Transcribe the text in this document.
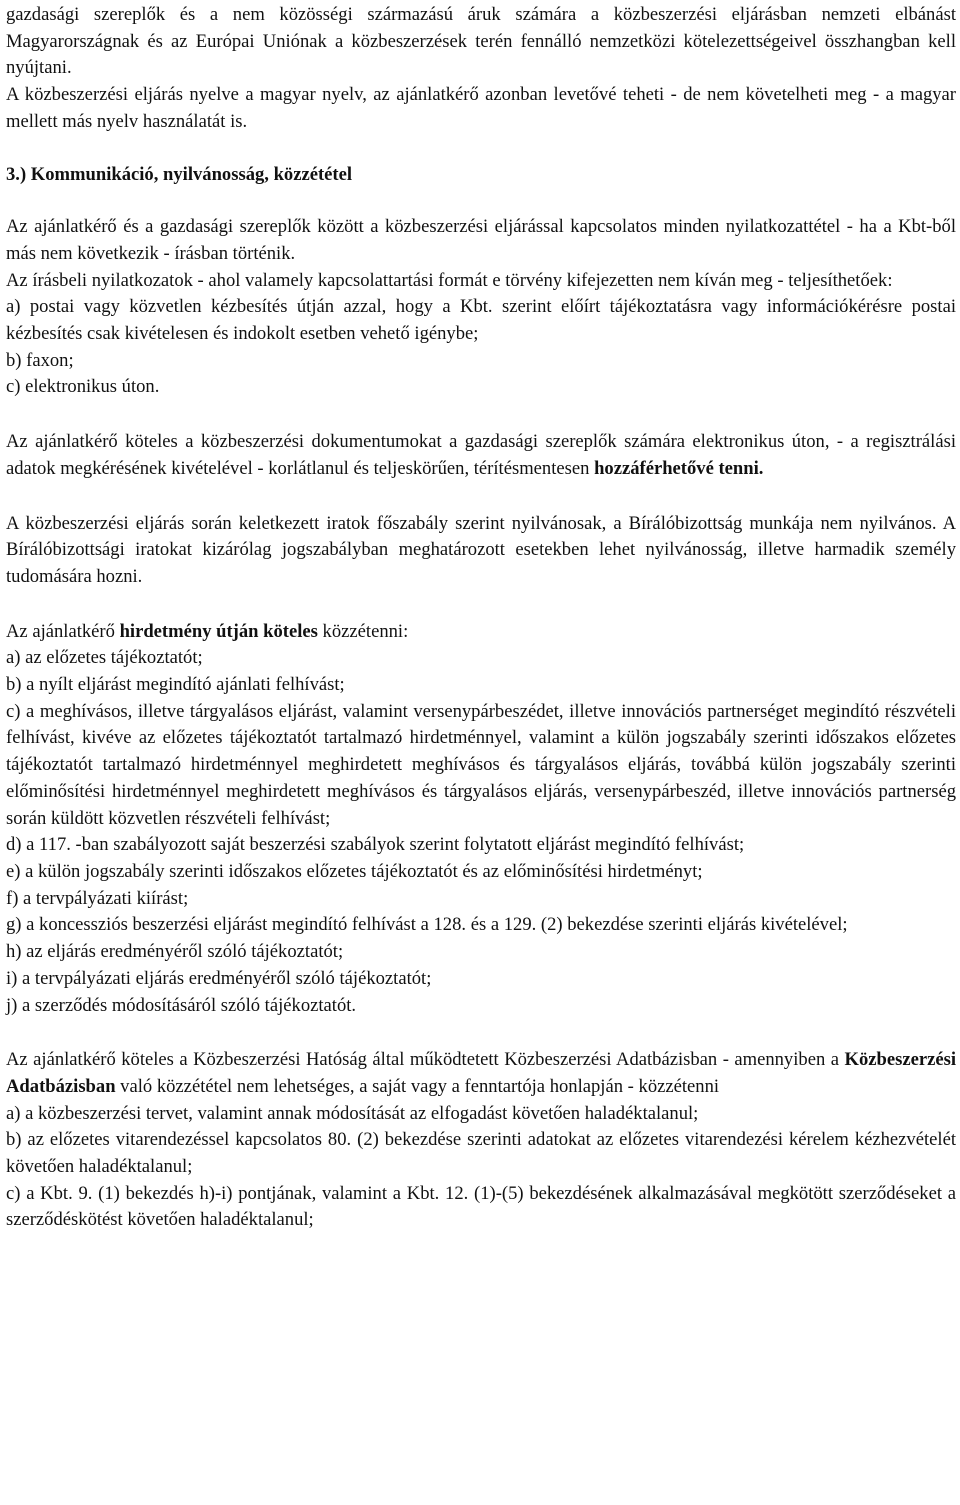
gazdasági szereplők és a nem közösségi származású áruk számára a közbeszerzési eljárásban nemzeti elbánást Magyarországnak és az Európai Uniónak a közbeszerzések terén fennálló nemzetközi kötelezettségeivel összhangban kell nyújtani.

A közbeszerzési eljárás nyelve a magyar nyelv, az ajánlatkérő azonban levetővé teheti - de nem követelheti meg - a magyar mellett más nyelv használatát is.

3.) Kommunikáció, nyilvánosság, közzététel

Az ajánlatkérő és a gazdasági szereplők között a közbeszerzési eljárással kapcsolatos minden nyilatkozattétel - ha a Kbt-ből más nem következik - írásban történik.

Az írásbeli nyilatkozatok - ahol valamely kapcsolattartási formát e törvény kifejezetten nem kíván meg - teljesíthetőek:

a) postai vagy közvetlen kézbesítés útján azzal, hogy a Kbt. szerint előírt tájékoztatásra vagy információkérésre postai kézbesítés csak kivételesen és indokolt esetben vehető igénybe;

b) faxon;

c) elektronikus úton.

Az ajánlatkérő köteles a közbeszerzési dokumentumokat a gazdasági szereplők számára elektronikus úton, - a regisztrálási adatok megkérésének kivételével - korlátlanul és teljeskörűen, térítésmentesen hozzáférhetővé tenni.

A közbeszerzési eljárás során keletkezett iratok főszabály szerint nyilvánosak, a Bírálóbizottság munkája nem nyilvános. A Bírálóbizottsági iratokat kizárólag jogszabályban meghatározott esetekben lehet nyilvánosság, illetve harmadik személy tudomására hozni.

Az ajánlatkérő hirdetmény útján köteles közzétenni:

a) az előzetes tájékoztatót;

b) a nyílt eljárást megindító ajánlati felhívást;

c) a meghívásos, illetve tárgyalásos eljárást, valamint versenypárbeszédet, illetve innovációs partnerséget megindító részvételi felhívást, kivéve az előzetes tájékoztatót tartalmazó hirdetménnyel, valamint a külön jogszabály szerinti időszakos előzetes tájékoztatót tartalmazó hirdetménnyel meghirdetett meghívásos és tárgyalásos eljárás, továbbá külön jogszabály szerinti előminősítési hirdetménnyel meghirdetett meghívásos és tárgyalásos eljárás, versenypárbeszéd, illetve innovációs partnerség során küldött közvetlen részvételi felhívást;

d) a 117. -ban szabályozott saját beszerzési szabályok szerint folytatott eljárást megindító felhívást;

e) a külön jogszabály szerinti időszakos előzetes tájékoztatót és az előminősítési hirdetményt;

f) a tervpályázati kiírást;

g) a koncessziós beszerzési eljárást megindító felhívást a 128. és a 129. (2) bekezdése szerinti eljárás kivételével;

h) az eljárás eredményéről szóló tájékoztatót;

i) a tervpályázati eljárás eredményéről szóló tájékoztatót;

j) a szerződés módosításáról szóló tájékoztatót.

Az ajánlatkérő köteles a Közbeszerzési Hatóság által működtetett Közbeszerzési Adatbázisban - amennyiben a Közbeszerzési Adatbázisban való közzététel nem lehetséges, a saját vagy a fenntartója honlapján - közzétenni

a) a közbeszerzési tervet, valamint annak módosítását az elfogadást követően haladéktalanul;

b) az előzetes vitarendezéssel kapcsolatos 80. (2) bekezdése szerinti adatokat az előzetes vitarendezési kérelem kézhezvételét követően haladéktalanul;

c) a Kbt. 9. (1) bekezdés h)-i) pontjának, valamint a Kbt. 12. (1)-(5) bekezdésének alkalmazásával megkötött szerződéseket a szerződéskötést követően haladéktalanul;
